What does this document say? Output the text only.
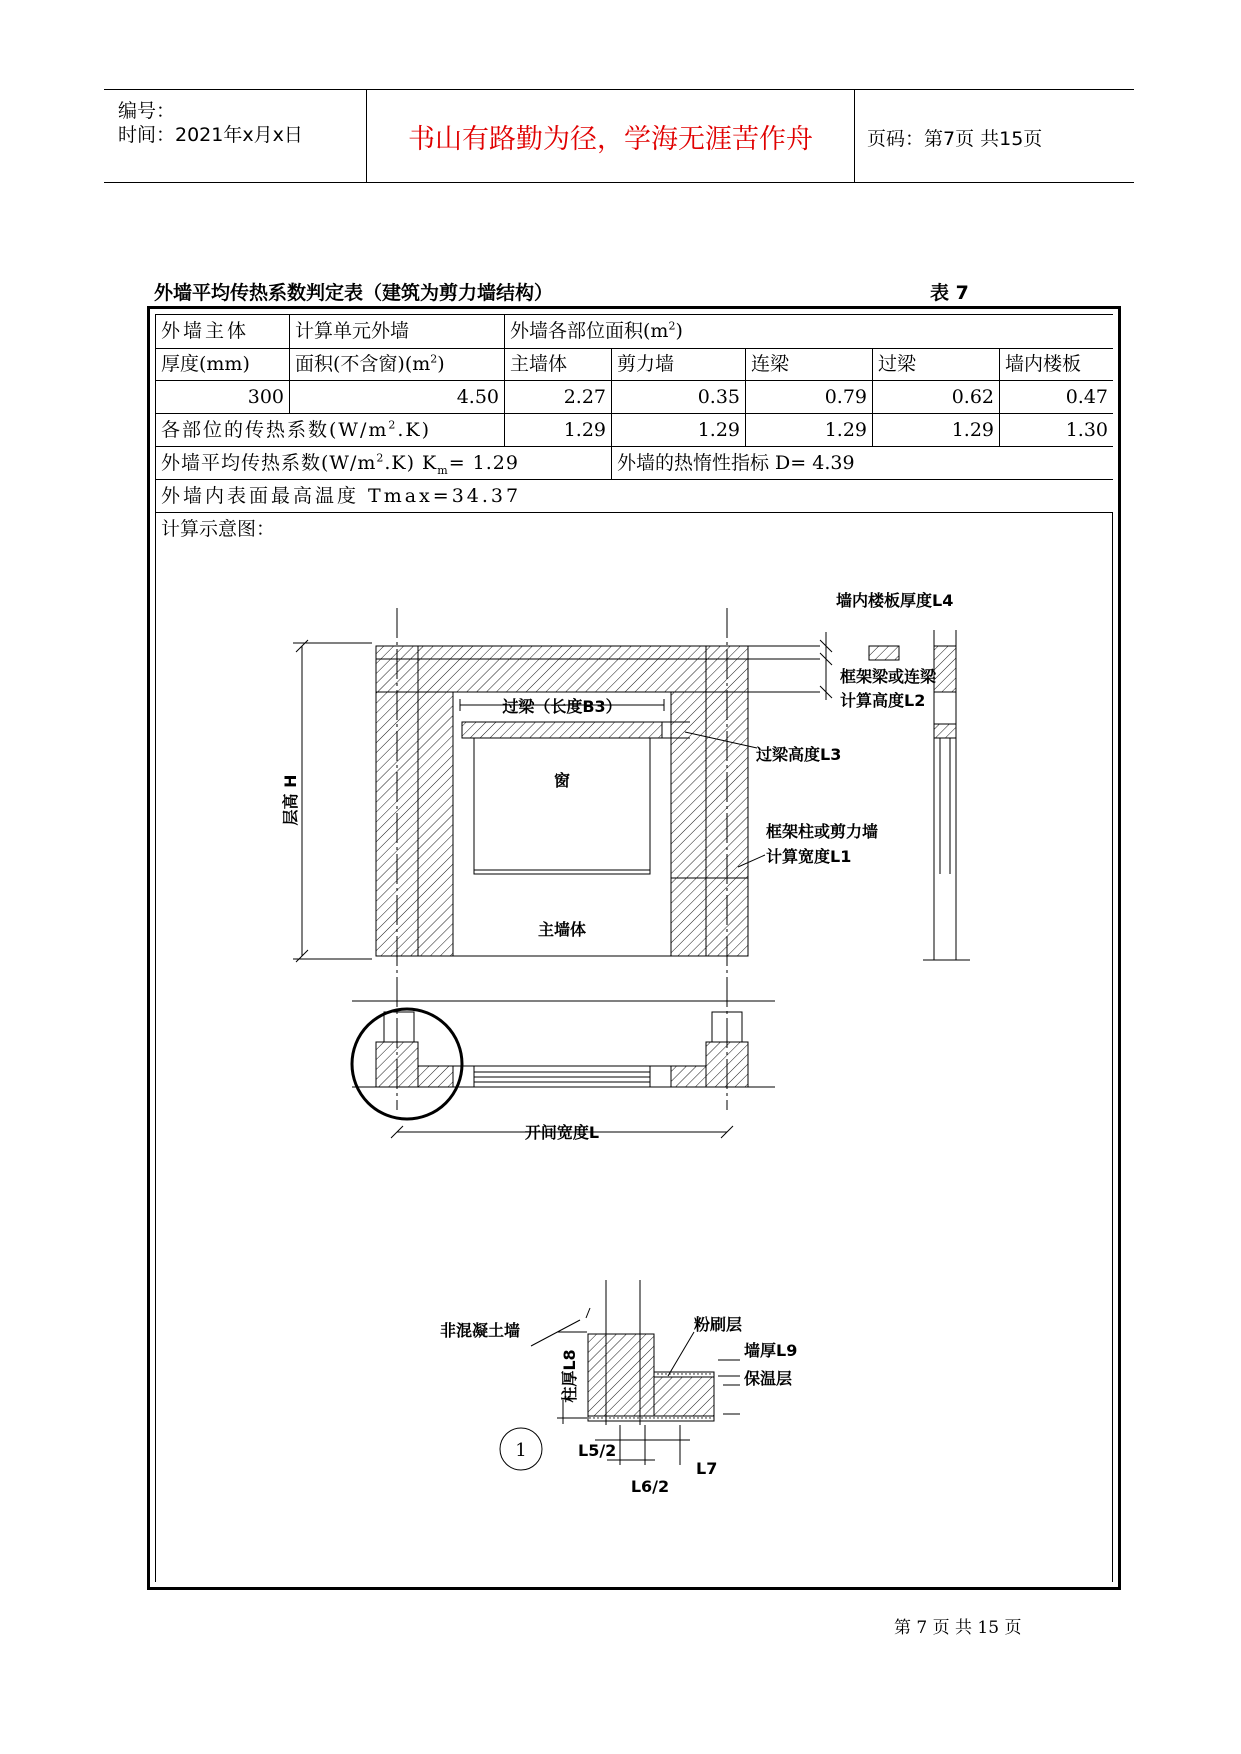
编号：
时间：2021年x月x日	书山有路勤为径，学海无涯苦作舟	页码：第7页 共15页
外墙平均传热系数判定表（建筑为剪力墙结构）	表 7
外墙主体	计算单元外墙	外墙各部位面积$(m^2)$
厚度(mm)	面积(不含窗)$(m^2)$	主墙体	剪力墙	连梁	过梁	墙内楼板
300	4.50	2.27	0.35	0.79	0.62	0.47
各部位的传热系数$(W/m^2.K)$	1.29	1.29	1.29	1.29	1.30
外墙平均传热系数$(W/m^2.K)$ $K_m= 1.29$	外墙的热惰性指标 D= 4.39
外墙内表面最高温度 Tmax=34.37
计算示意图：
层高 H
过梁（长度B3）
窗
主墙体
墙内楼板厚度L4
框架梁或连梁
计算高度L2
过梁高度L3
框架柱或剪力墙
计算宽度L1
开间宽度L
非混凝土墙	粉刷层
墙厚L9
保温层
柱厚L8
L5/2
L6/2
L7
1
第 7 页 共 15 页
